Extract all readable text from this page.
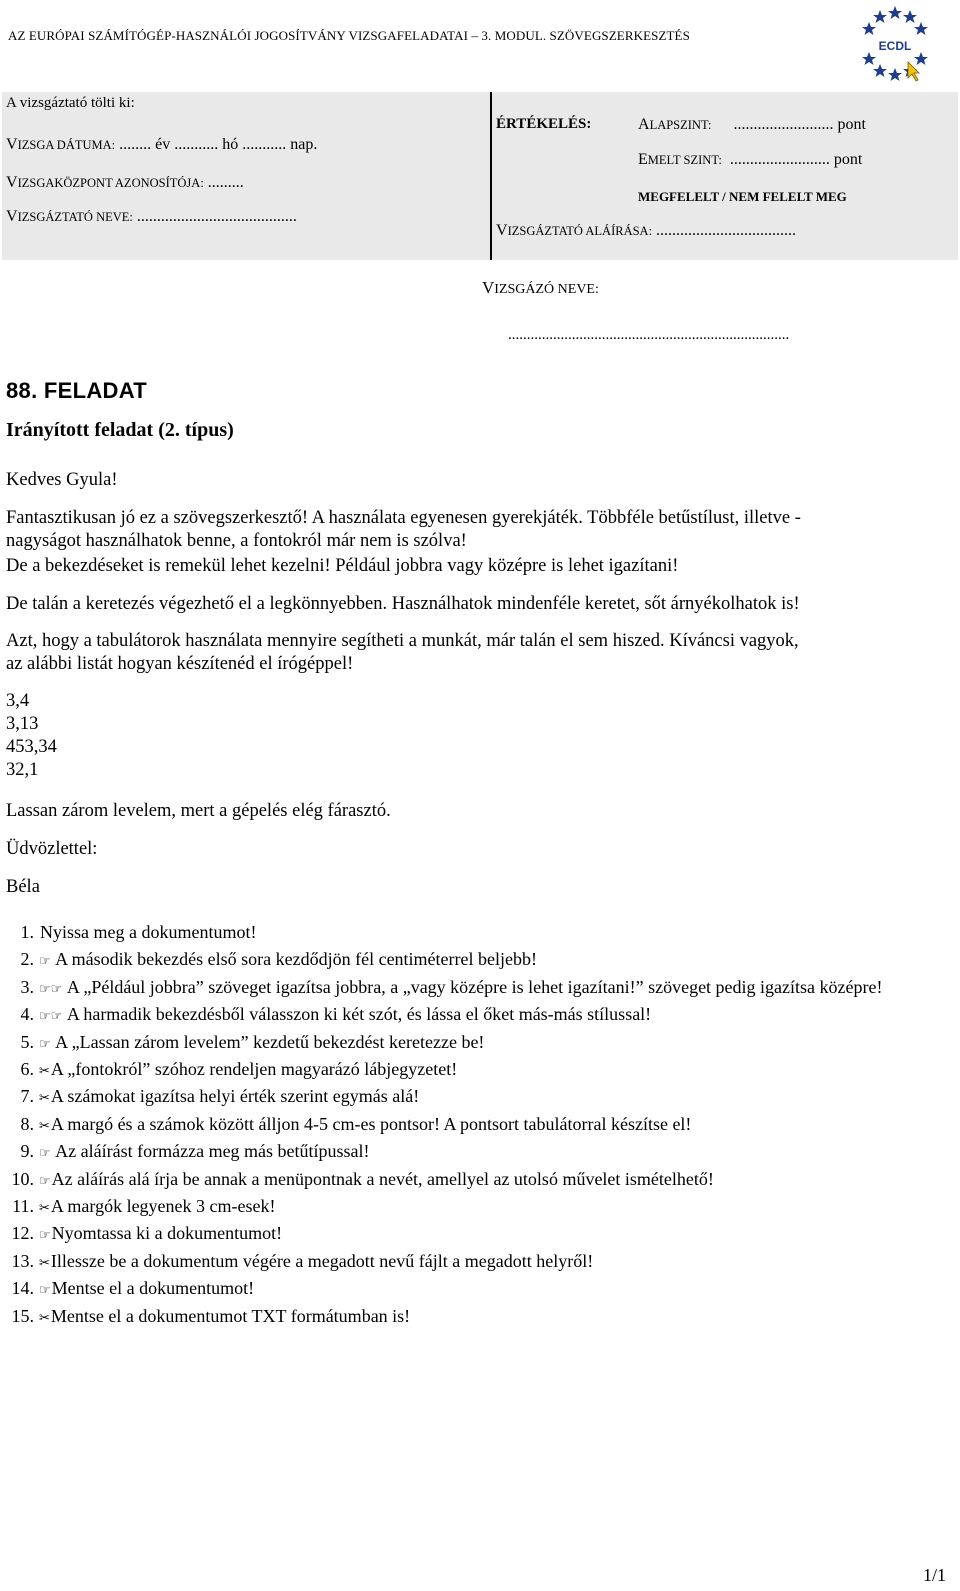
AZ EURÓPAI SZÁMÍTÓGÉP-HASZNÁLÓI JOGOSÍTVÁNY VIZSGAFELADATAI – 3. MODUL. SZÖVEGSZERKESZTÉS
ECDL
A vizsgáztató tölti ki:
VIZSGA DÁTUMA: ........ év ........... hó ........... nap.
VIZSGAKÖZPONT AZONOSÍTÓJA: .........
VIZSGÁZTATÓ NEVE: ........................................
ÉRTÉKELÉS:	ALAPSZINT: ......................... pont
EMELT SZINT: ......................... pont
MEGFELELT / NEM FELELT MEG
VIZSGÁZTATÓ ALÁÍRÁSA: ...................................
VIZSGÁZÓ NEVE:
...........................................................................
88. FELADAT
Irányított feladat (2. típus)
Kedves Gyula!
Fantasztikusan jó ez a szövegszerkesztő! A használata egyenesen gyerekjáték. Többféle betűstílust, illetve -
nagyságot használhatok benne, a fontokról már nem is szólva!
De a bekezdéseket is remekül lehet kezelni! Például jobbra vagy középre is lehet igazítani!
De talán a keretezés végezhető el a legkönnyebben. Használhatok mindenféle keretet, sőt árnyékolhatok is!
Azt, hogy a tabulátorok használata mennyire segítheti a munkát, már talán el sem hiszed. Kíváncsi vagyok,
az alábbi listát hogyan készítenéd el írógéppel!
3,4
3,13
453,34
32,1
Lassan zárom levelem, mert a gépelés elég fárasztó.
Üdvözlettel:
Béla
1. Nyissa meg a dokumentumot!
2. ☞ A második bekezdés első sora kezdődjön fél centiméterrel beljebb!
3. ☞☞ A „Például jobbra” szöveget igazítsa jobbra, a „vagy középre is lehet igazítani!” szöveget pedig igazítsa középre!
4. ☞☞ A harmadik bekezdésből válasszon ki két szót, és lássa el őket más-más stílussal!
5. ☞ A „Lassan zárom levelem” kezdetű bekezdést keretezze be!
6. ✂A „fontokról” szóhoz rendeljen magyarázó lábjegyzetet!
7. ✂A számokat igazítsa helyi érték szerint egymás alá!
8. ✂A margó és a számok között álljon 4-5 cm-es pontsor! A pontsort tabulátorral készítse el!
9. ☞ Az aláírást formázza meg más betűtípussal!
10. ☞Az aláírás alá írja be annak a menüpontnak a nevét, amellyel az utolsó művelet ismételhető!
11. ✂A margók legyenek 3 cm-esek!
12. ☞Nyomtassa ki a dokumentumot!
13. ✂Illessze be a dokumentum végére a megadott nevű fájlt a megadott helyről!
14. ☞Mentse el a dokumentumot!
15. ✂Mentse el a dokumentumot TXT formátumban is!
1/1
